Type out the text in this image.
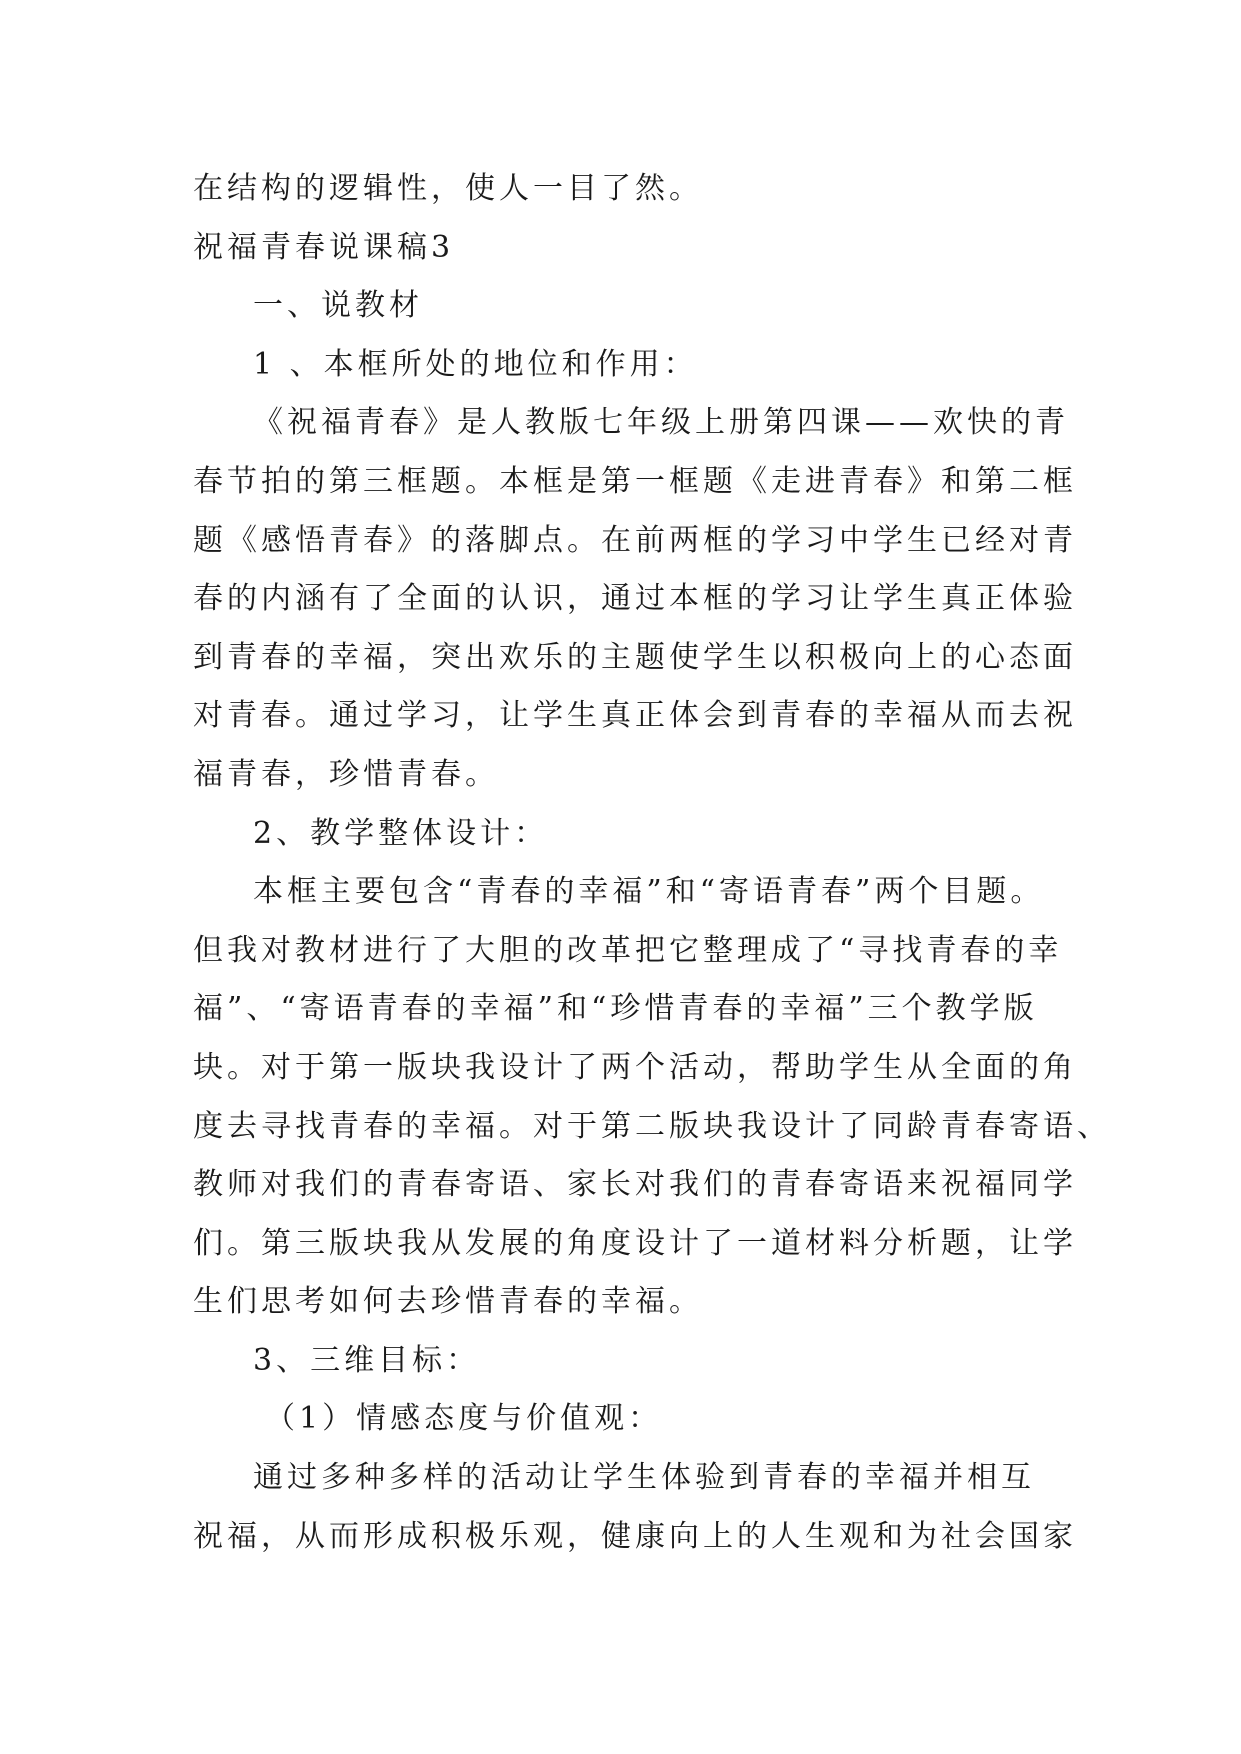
在结构的逻辑性，使人一目了然。
祝福青春说课稿3
一、说教材
1 、本框所处的地位和作用：
《祝福青春》是人教版七年级上册第四课——欢快的青
春节拍的第三框题。本框是第一框题《走进青春》和第二框
题《感悟青春》的落脚点。在前两框的学习中学生已经对青
春的内涵有了全面的认识，通过本框的学习让学生真正体验
到青春的幸福，突出欢乐的主题使学生以积极向上的心态面
对青春。通过学习，让学生真正体会到青春的幸福从而去祝
福青春，珍惜青春。
2、教学整体设计：
本框主要包含“青春的幸福”和“寄语青春”两个目题。
但我对教材进行了大胆的改革把它整理成了“寻找青春的幸
福”、“寄语青春的幸福”和“珍惜青春的幸福”三个教学版
块。对于第一版块我设计了两个活动，帮助学生从全面的角
度去寻找青春的幸福。对于第二版块我设计了同龄青春寄语、
教师对我们的青春寄语、家长对我们的青春寄语来祝福同学
们。第三版块我从发展的角度设计了一道材料分析题，让学
生们思考如何去珍惜青春的幸福。
3、三维目标：
（1）情感态度与价值观：
通过多种多样的活动让学生体验到青春的幸福并相互
祝福，从而形成积极乐观，健康向上的人生观和为社会国家
